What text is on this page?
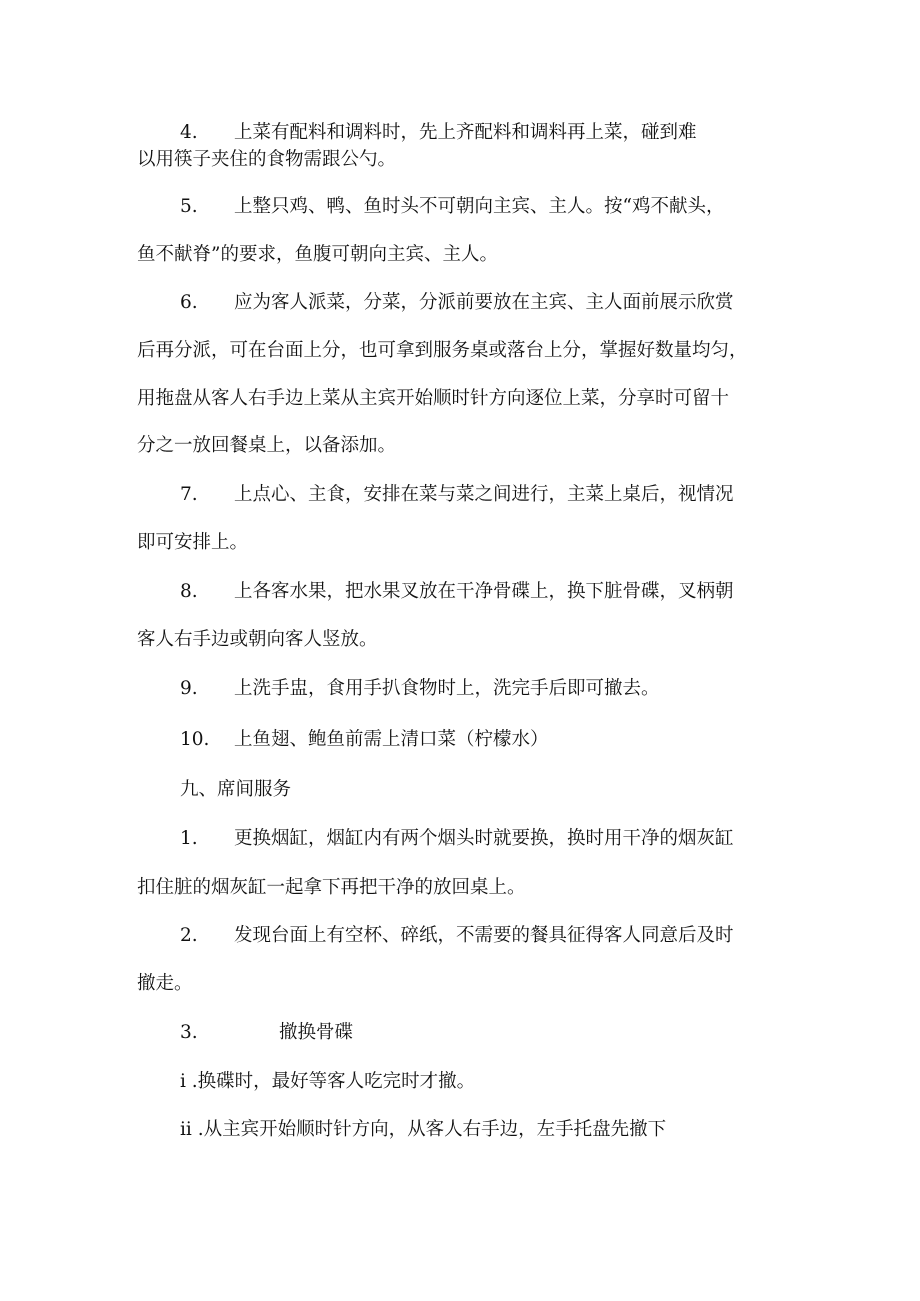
4. 上菜有配料和调料时，先上齐配料和调料再上菜，碰到难
以用筷子夹住的食物需跟公勺。
5. 上整只鸡、鸭、鱼时头不可朝向主宾、主人。按“鸡不献头，
鱼不献脊”的要求，鱼腹可朝向主宾、主人。
6. 应为客人派菜，分菜，分派前要放在主宾、主人面前展示欣赏
后再分派，可在台面上分，也可拿到服务桌或落台上分，掌握好数量均匀，
用拖盘从客人右手边上菜从主宾开始顺时针方向逐位上菜，分享时可留十
分之一放回餐桌上，以备添加。
7. 上点心、主食，安排在菜与菜之间进行，主菜上桌后，视情况
即可安排上。
8. 上各客水果，把水果叉放在干净骨碟上，换下脏骨碟，叉柄朝
客人右手边或朝向客人竖放。
9. 上洗手盅，食用手扒食物时上，洗完手后即可撤去。
10. 上鱼翅、鲍鱼前需上清口菜（柠檬水）
九、席间服务
1. 更换烟缸，烟缸内有两个烟头时就要换，换时用干净的烟灰缸
扣住脏的烟灰缸一起拿下再把干净的放回桌上。
2. 发现台面上有空杯、碎纸，不需要的餐具征得客人同意后及时
撤走。
3.	撤换骨碟
i .换碟时，最好等客人吃完时才撤。
ii .从主宾开始顺时针方向，从客人右手边，左手托盘先撤下
